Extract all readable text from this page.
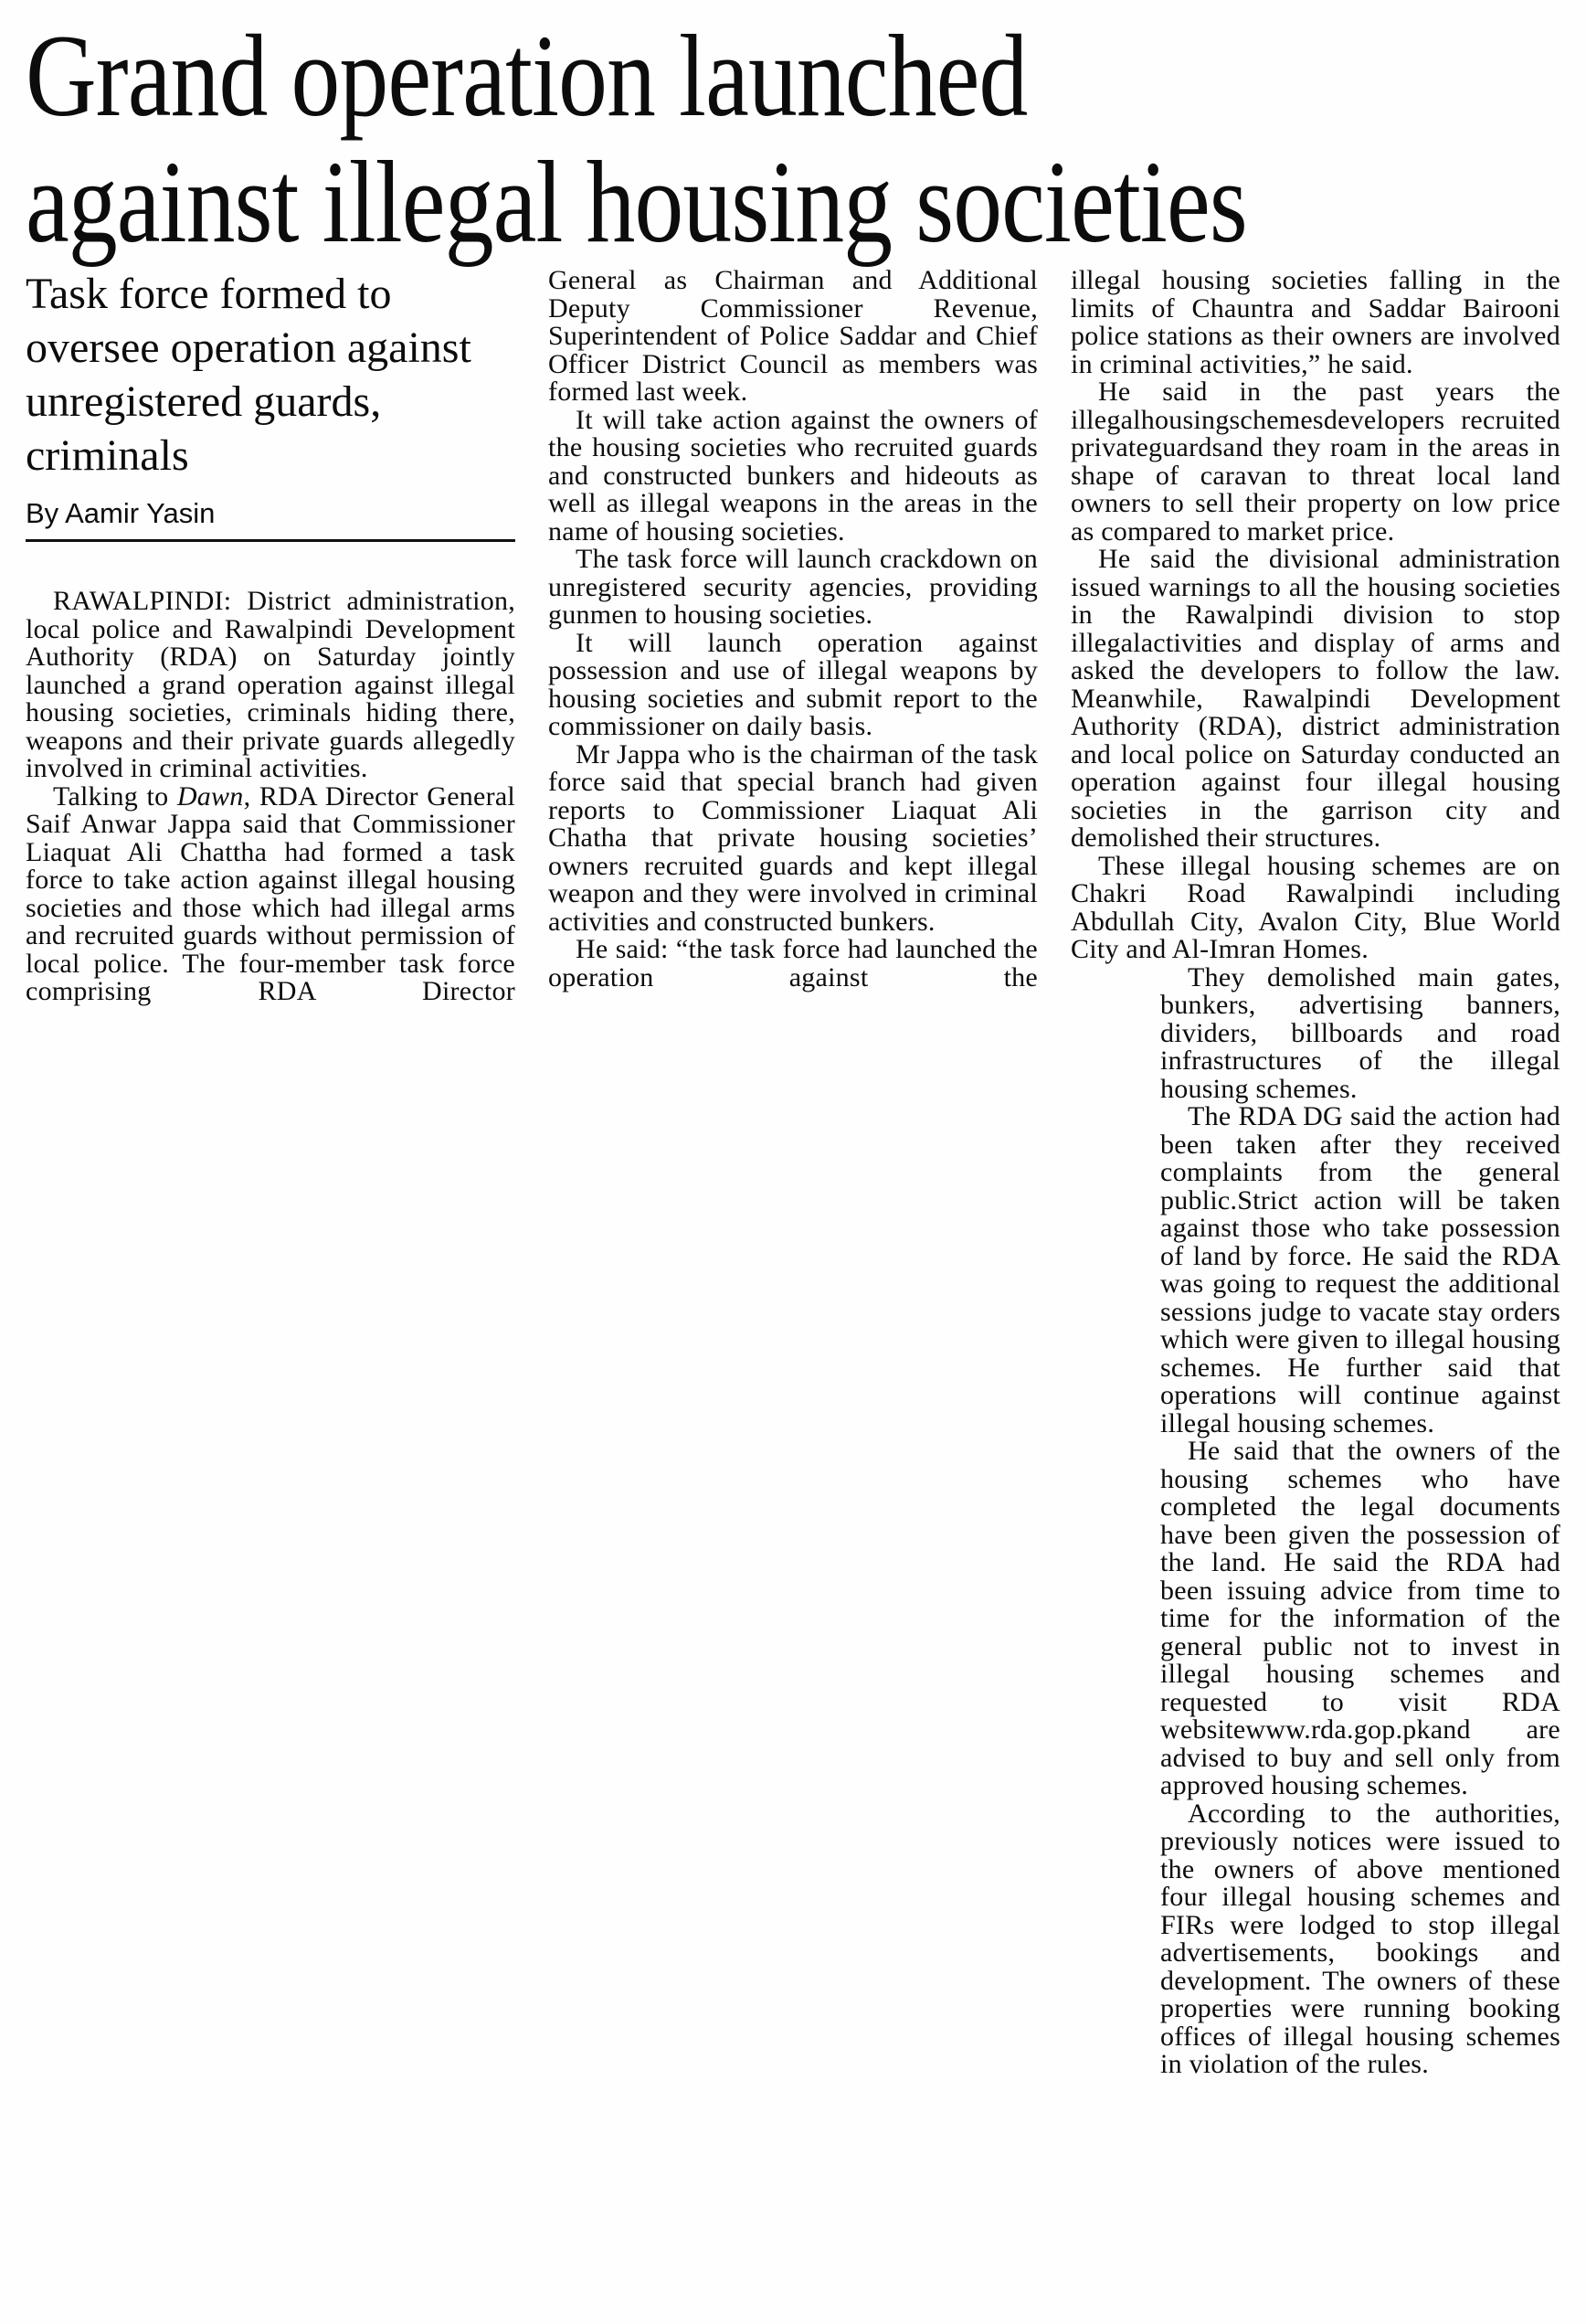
Grand operation launched
against illegal housing societies
Task force formed to oversee operation against unregistered guards, criminals
By Aamir Yasin

RAWALPINDI: District administration, local police and Rawalpindi Development Authority (RDA) on Saturday jointly launched a grand operation against illegal housing societies, criminals hiding there, weapons and their private guards allegedly involved in criminal activities.

Talking to Dawn, RDA Director General Saif Anwar Jappa said that Commissioner Liaquat Ali Chattha had formed a task force to take action against illegal housing societies and those which had illegal arms and recruited guards without permission of local police. The four-member task force comprising RDA Director

General as Chairman and Additional Deputy Commissioner Revenue, Superintendent of Police Saddar and Chief Officer District Council as members was formed last week.

It will take action against the owners of the housing societies who recruited guards and constructed bunkers and hideouts as well as illegal weapons in the areas in the name of housing societies.

The task force will launch crackdown on unregistered security agencies, providing gunmen to housing societies.

It will launch operation against possession and use of illegal weapons by housing societies and submit report to the commissioner on daily basis.

Mr Jappa who is the chairman of the task force said that special branch had given reports to Commissioner Liaquat Ali Chatha that private housing societies’ owners recruited guards and kept illegal weapon and they were involved in criminal activities and constructed bunkers.

He said: “the task force had launched the operation against the

illegal housing societies falling in the limits of Chauntra and Saddar Bairooni police stations as their owners are involved in criminal activities,” he said.

He said in the past years the illegalhousingschemesdevelopers recruited privateguardsand they roam in the areas in shape of caravan to threat local land owners to sell their property on low price as compared to market price.

He said the divisional administration issued warnings to all the housing societies in the Rawalpindi division to stop illegalactivities and display of arms and asked the developers to follow the law. Meanwhile, Rawalpindi Development Authority (RDA), district administration and local police on Saturday conducted an operation against four illegal housing societies in the garrison city and demolished their structures.

These illegal housing schemes are on Chakri Road Rawalpindi including Abdullah City, Avalon City, Blue World City and Al-Imran Homes.

They demolished main gates, bunkers, advertising banners, dividers, billboards and road infrastructures of the illegal housing schemes.

The RDA DG said the action had been taken after they received complaints from the general public.Strict action will be taken against those who take possession of land by force. He said the RDA was going to request the additional sessions judge to vacate stay orders which were given to illegal housing schemes. He further said that operations will continue against illegal housing schemes.

He said that the owners of the housing schemes who have completed the legal documents have been given the possession of the land. He said the RDA had been issuing advice from time to time for the information of the general public not to invest in illegal housing schemes and requested to visit RDA websitewww.rda.gop.pkand are advised to buy and sell only from approved housing schemes.

According to the authorities, previously notices were issued to the owners of above mentioned four illegal housing schemes and FIRs were lodged to stop illegal advertisements, bookings and development. The owners of these properties were running booking offices of illegal housing schemes in violation of the rules.
